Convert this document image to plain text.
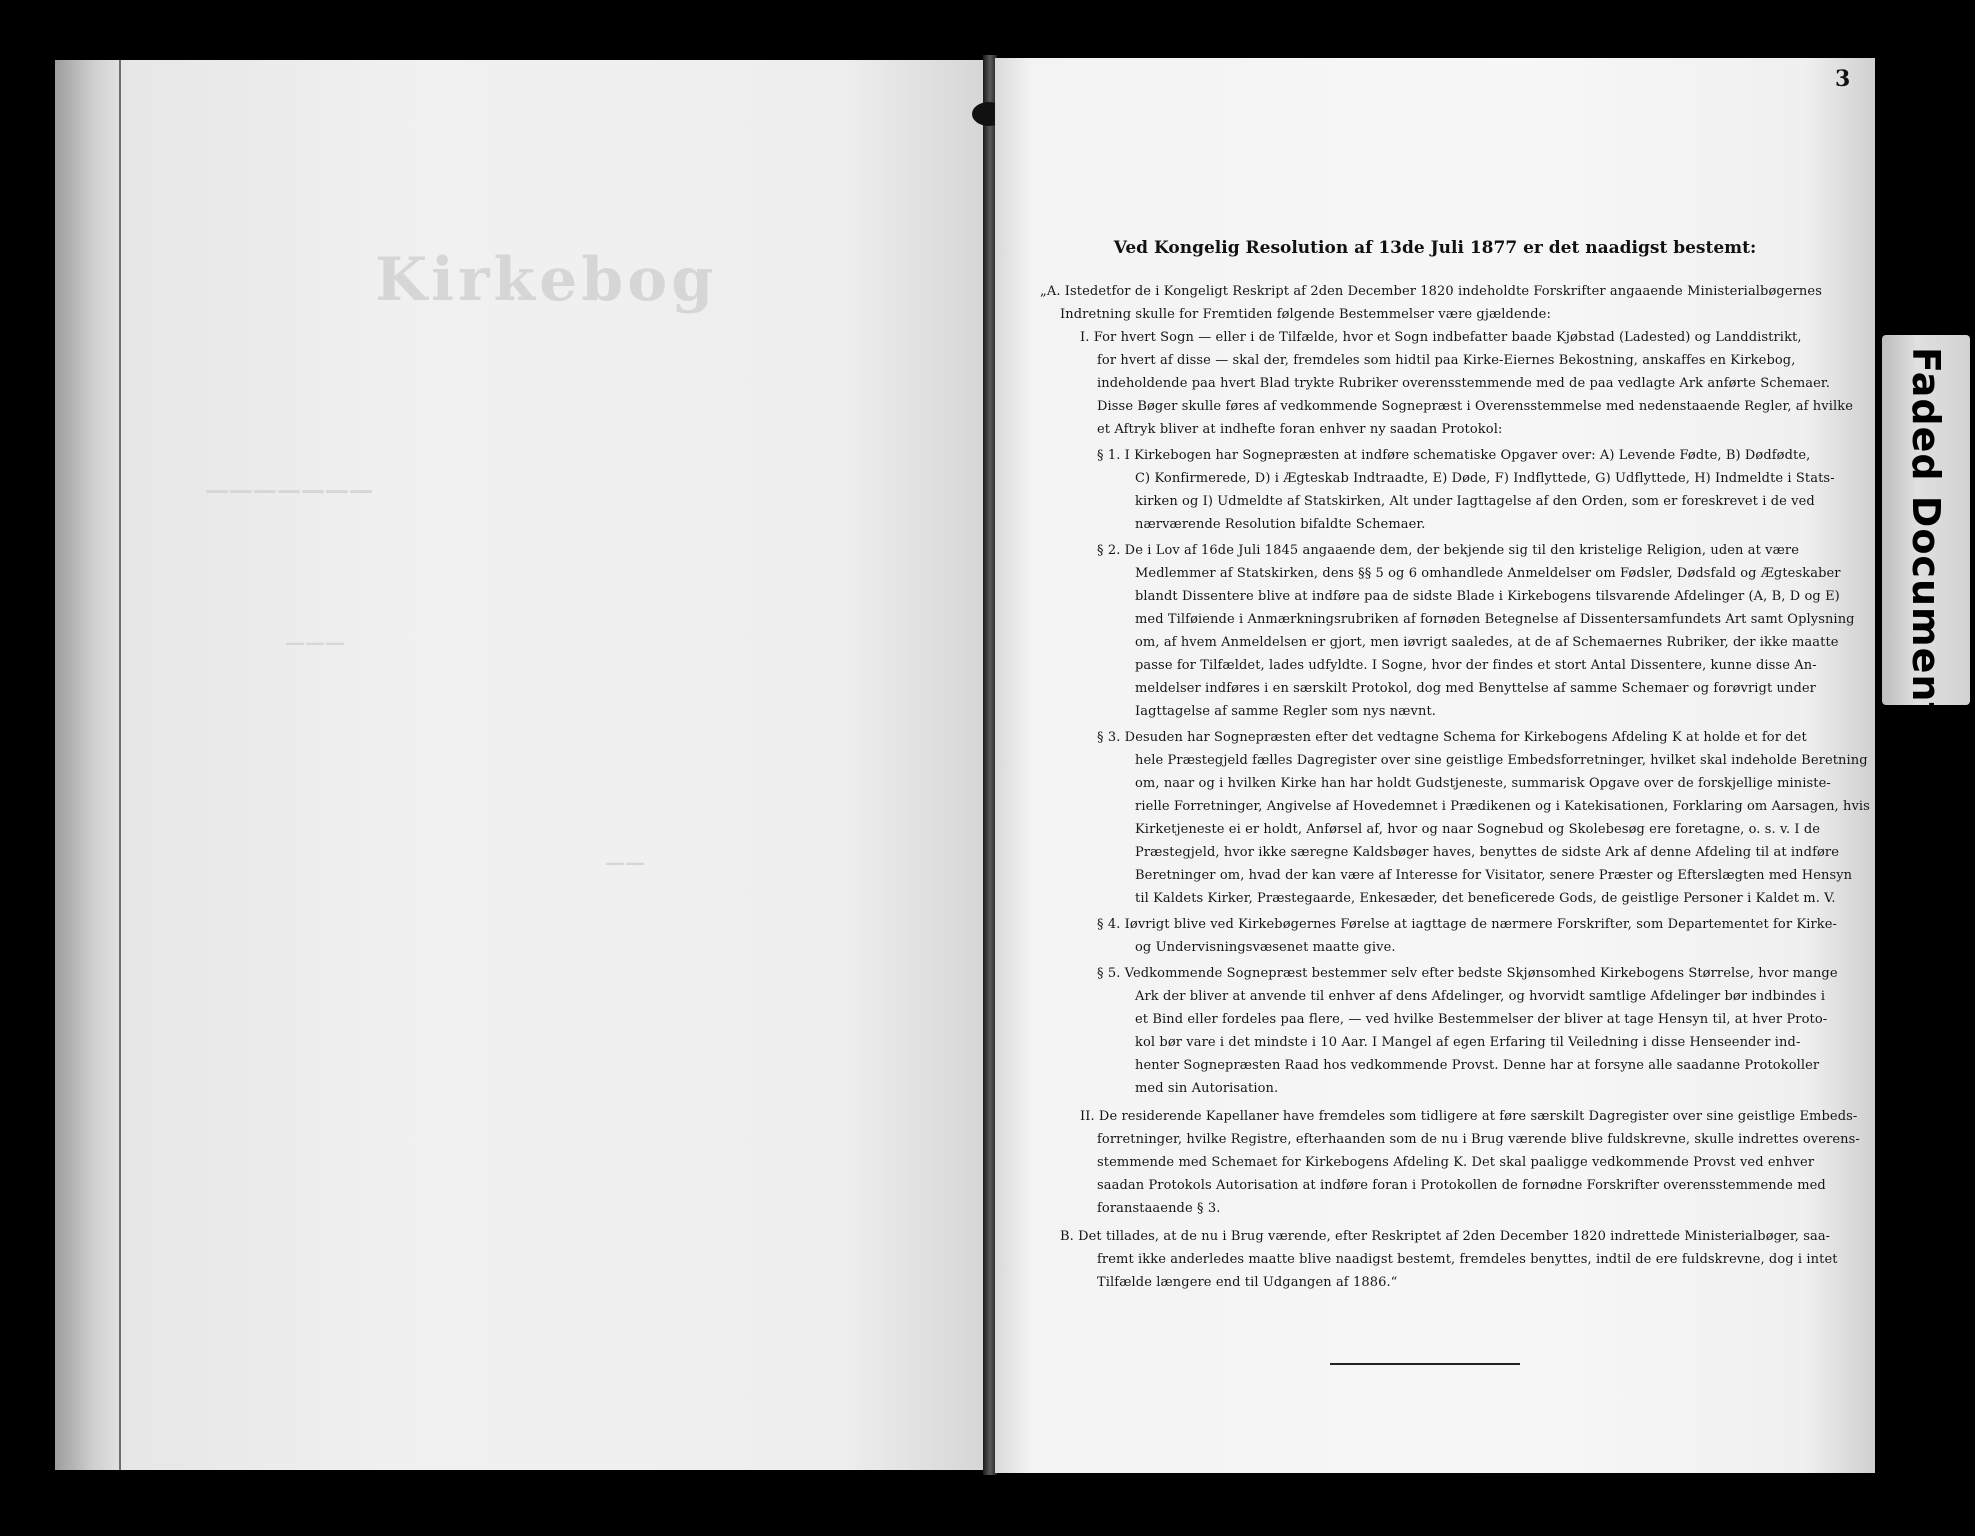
Kirkebog
———————
———
——
3
Ved Kongelig Resolution af 13de Juli 1877 er det naadigst bestemt:
„A. Istedetfor de i Kongeligt Reskript af 2den December 1820 indeholdte Forskrifter angaaende Ministerialbøgernes
Indretning skulle for Fremtiden følgende Bestemmelser være gjældende:
I. For hvert Sogn — eller i de Tilfælde, hvor et Sogn indbefatter baade Kjøbstad (Ladested) og Landdistrikt,
for hvert af disse — skal der, fremdeles som hidtil paa Kirke-Eiernes Bekostning, anskaffes en Kirkebog,
indeholdende paa hvert Blad trykte Rubriker overensstemmende med de paa vedlagte Ark anførte Schemaer.
Disse Bøger skulle føres af vedkommende Sognepræst i Overensstemmelse med nedenstaaende Regler, af hvilke
et Aftryk bliver at indhefte foran enhver ny saadan Protokol:
§ 1. I Kirkebogen har Sognepræsten at indføre schematiske Opgaver over: A) Levende Fødte, B) Dødfødte,
C) Konfirmerede, D) i Ægteskab Indtraadte, E) Døde, F) Indflyttede, G) Udflyttede, H) Indmeldte i Stats-
kirken og I) Udmeldte af Statskirken, Alt under Iagttagelse af den Orden, som er foreskrevet i de ved
nærværende Resolution bifaldte Schemaer.
§ 2. De i Lov af 16de Juli 1845 angaaende dem, der bekjende sig til den kristelige Religion, uden at være
Medlemmer af Statskirken, dens §§ 5 og 6 omhandlede Anmeldelser om Fødsler, Dødsfald og Ægteskaber
blandt Dissentere blive at indføre paa de sidste Blade i Kirkebogens tilsvarende Afdelinger (A, B, D og E)
med Tilføiende i Anmærkningsrubriken af fornøden Betegnelse af Dissentersamfundets Art samt Oplysning
om, af hvem Anmeldelsen er gjort, men iøvrigt saaledes, at de af Schemaernes Rubriker, der ikke maatte
passe for Tilfældet, lades udfyldte. I Sogne, hvor der findes et stort Antal Dissentere, kunne disse An-
meldelser indføres i en særskilt Protokol, dog med Benyttelse af samme Schemaer og forøvrigt under
Iagttagelse af samme Regler som nys nævnt.
§ 3. Desuden har Sognepræsten efter det vedtagne Schema for Kirkebogens Afdeling K at holde et for det
hele Præstegjeld fælles Dagregister over sine geistlige Embedsforretninger, hvilket skal indeholde Beretning
om, naar og i hvilken Kirke han har holdt Gudstjeneste, summarisk Opgave over de forskjellige ministe-
rielle Forretninger, Angivelse af Hovedemnet i Prædikenen og i Katekisationen, Forklaring om Aarsagen, hvis
Kirketjeneste ei er holdt, Anførsel af, hvor og naar Sognebud og Skolebesøg ere foretagne, o. s. v. I de
Præstegjeld, hvor ikke særegne Kaldsbøger haves, benyttes de sidste Ark af denne Afdeling til at indføre
Beretninger om, hvad der kan være af Interesse for Visitator, senere Præster og Efterslægten med Hensyn
til Kaldets Kirker, Præstegaarde, Enkesæder, det beneficerede Gods, de geistlige Personer i Kaldet m. V.
§ 4. Iøvrigt blive ved Kirkebøgernes Førelse at iagttage de nærmere Forskrifter, som Departementet for Kirke-
og Undervisningsvæsenet maatte give.
§ 5. Vedkommende Sognepræst bestemmer selv efter bedste Skjønsomhed Kirkebogens Størrelse, hvor mange
Ark der bliver at anvende til enhver af dens Afdelinger, og hvorvidt samtlige Afdelinger bør indbindes i
et Bind eller fordeles paa flere, — ved hvilke Bestemmelser der bliver at tage Hensyn til, at hver Proto-
kol bør vare i det mindste i 10 Aar. I Mangel af egen Erfaring til Veiledning i disse Henseender ind-
henter Sognepræsten Raad hos vedkommende Provst. Denne har at forsyne alle saadanne Protokoller
med sin Autorisation.
II. De residerende Kapellaner have fremdeles som tidligere at føre særskilt Dagregister over sine geistlige Embeds-
forretninger, hvilke Registre, efterhaanden som de nu i Brug værende blive fuldskrevne, skulle indrettes overens-
stemmende med Schemaet for Kirkebogens Afdeling K. Det skal paaligge vedkommende Provst ved enhver
saadan Protokols Autorisation at indføre foran i Protokollen de fornødne Forskrifter overensstemmende med
foranstaaende § 3.
B. Det tillades, at de nu i Brug værende, efter Reskriptet af 2den December 1820 indrettede Ministerialbøger, saa-
fremt ikke anderledes maatte blive naadigst bestemt, fremdeles benyttes, indtil de ere fuldskrevne, dog i intet
Tilfælde længere end til Udgangen af 1886.“
Faded Document
